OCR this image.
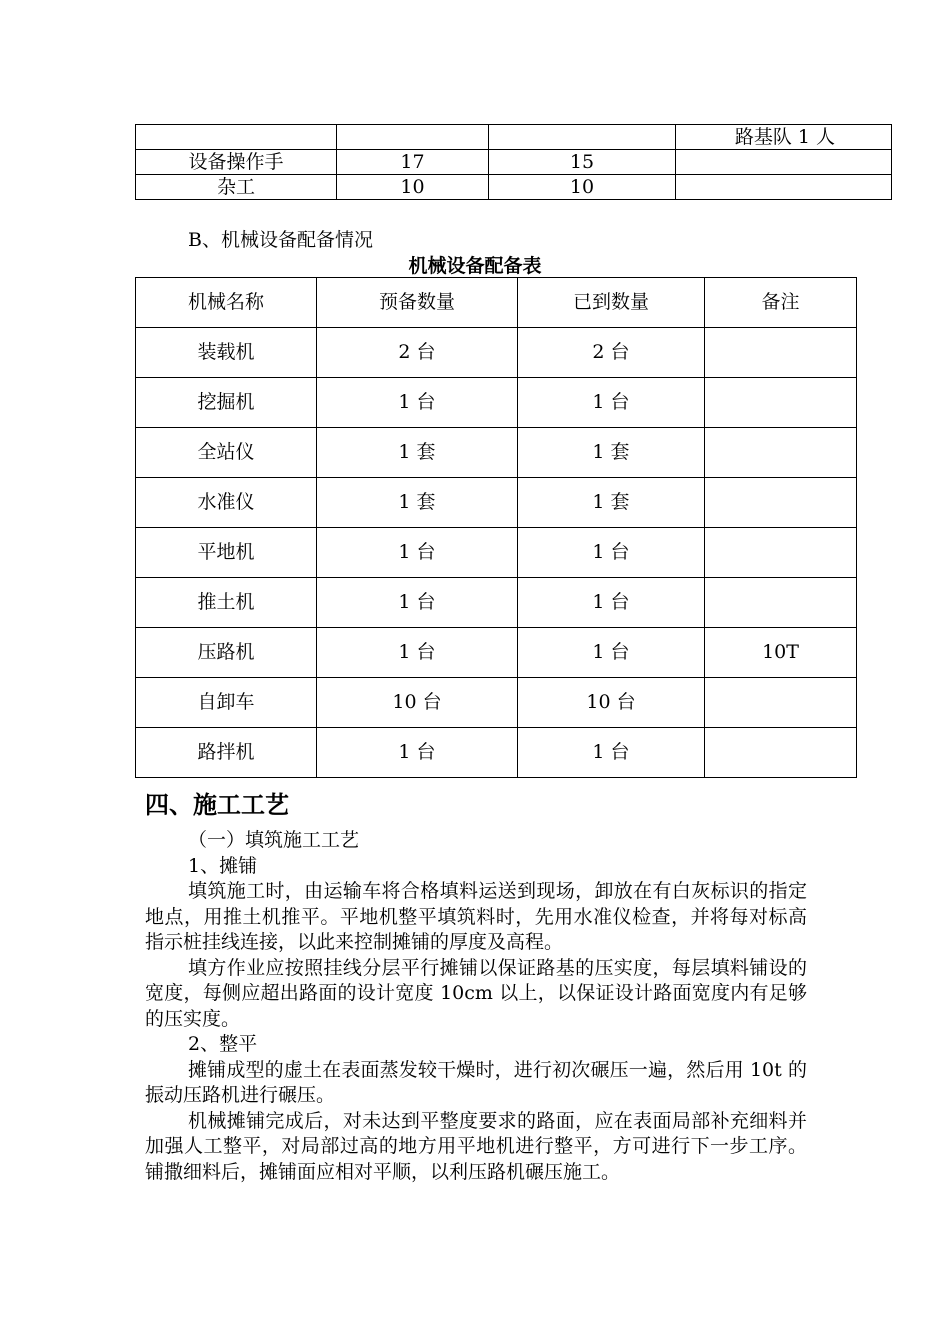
			路基队 1 人
设备操作手	17	15	
杂工	10	10	
B、机械设备配备情况
机械设备配备表
机械名称	预备数量	已到数量	备注
装载机	2 台	2 台	
挖掘机	1 台	1 台	
全站仪	1 套	1 套	
水准仪	1 套	1 套	
平地机	1 台	1 台	
推土机	1 台	1 台	
压路机	1 台	1 台	10T
自卸车	10 台	10 台	
路拌机	1 台	1 台	
四、施工工艺

（一）填筑施工工艺

1、摊铺

填筑施工时，由运输车将合格填料运送到现场，卸放在有白灰标识的指定地点，用推土机推平。平地机整平填筑料时，先用水准仪检查，并将每对标高指示桩挂线连接，以此来控制摊铺的厚度及高程。

填方作业应按照挂线分层平行摊铺以保证路基的压实度，每层填料铺设的宽度，每侧应超出路面的设计宽度 10cm 以上，以保证设计路面宽度内有足够的压实度。

2、整平

摊铺成型的虚土在表面蒸发较干燥时，进行初次碾压一遍，然后用 10t 的振动压路机进行碾压。

机械摊铺完成后，对未达到平整度要求的路面，应在表面局部补充细料并加强人工整平，对局部过高的地方用平地机进行整平，方可进行下一步工序。铺撒细料后，摊铺面应相对平顺，以利压路机碾压施工。
